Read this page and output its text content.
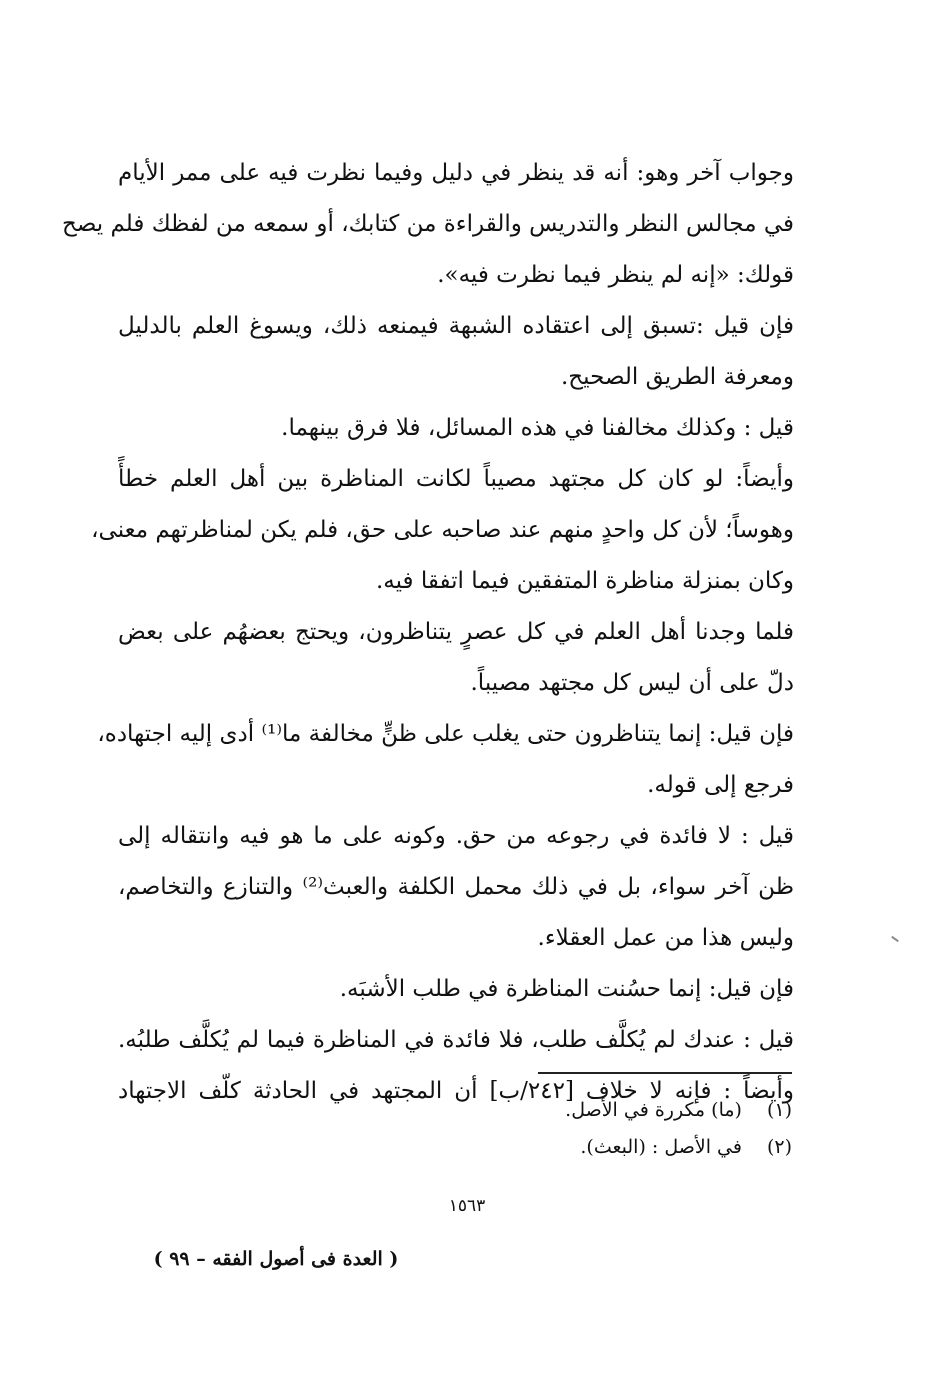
وجواب آخر وهو: أنه قد ينظر في دليل وفيما نظرت فيه على ممر الأيام
في مجالس النظر والتدريس والقراءة من كتابك، أو سمعه من لفظك فلم يصح
قولك: «إنه لم ينظر فيما نظرت فيه».
فإن قيل :تسبق إلى اعتقاده الشبهة فيمنعه ذلك، ويسوغ العلم بالدليل
ومعرفة الطريق الصحيح.
قيل : وكذلك مخالفنا في هذه المسائل، فلا فرق بينهما.
وأيضاً: لو كان كل مجتهد مصيباً لكانت المناظرة بين أهل العلم خطأً
وهوساً؛ لأن كل واحدٍ منهم عند صاحبه على حق، فلم يكن لمناظرتهم معنى،
وكان بمنزلة مناظرة المتفقين فيما اتفقا فيه.
فلما وجدنا أهل العلم في كل عصرٍ يتناظرون، ويحتج بعضهُم على بعض
دلّ على أن ليس كل مجتهد مصيباً.
فإن قيل: إنما يتناظرون حتى يغلب على ظنٍّ مخالفة ما⁽¹⁾ أدى إليه اجتهاده،
فرجع إلى قوله.
قيل : لا فائدة في رجوعه من حق. وكونه على ما هو فيه وانتقاله إلى
ظن آخر سواء، بل في ذلك محمل الكلفة والعبث⁽²⁾ والتنازع والتخاصم،
وليس هذا من عمل العقلاء.
فإن قيل: إنما حسُنت المناظرة في طلب الأشبَه.
قيل : عندك لم يُكلَّف طلب، فلا فائدة في المناظرة فيما لم يُكلَّف طلبُه.
وأيضاً : فإنه لا خلاف [٢٤٢/ب] أن المجتهد في الحادثة كلّف الاجتهاد
(١) (ما) مكررة في الأصل.
(٢) في الأصل : (البعث).
١٥٦٣
( العدة فى أصول الفقه – ٩٩ )
